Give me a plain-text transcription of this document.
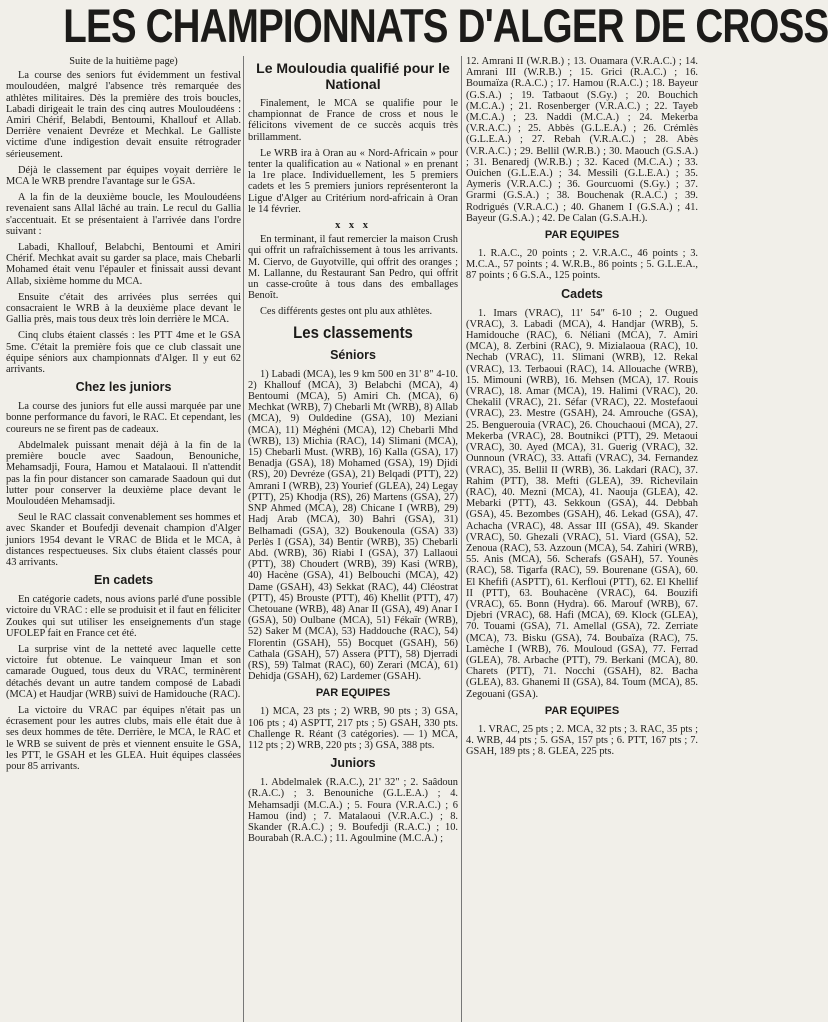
LES CHAMPIONNATS D'ALGER DE CROSS

Suite de la huitième page)

La course des seniors fut évidemment un festival mouloudéen, malgré l'absence très remarquée des athlètes militaires. Dès la première des trois boucles, Labadi dirigeait le train des cinq autres Mouloudéens : Amiri Chérif, Belabdi, Bentoumi, Khallouf et Allab. Derrière venaient Devréze et Mechkal. Le Galliste victime d'une indigestion devait ensuite rétrograder sérieusement.

Déjà le classement par équipes voyait derrière le MCA le WRB prendre l'avantage sur le GSA.

A la fin de la deuxième boucle, les Mouloudéens revenaient sans Allal lâché au train. Le recul du Gallia s'accentuait. Et se présentaient à l'arrivée dans l'ordre suivant :

Labadi, Khallouf, Belabchi, Bentoumi et Amiri Chérif. Mechkat avait su garder sa place, mais Chebarli Mohamed était venu l'épauler et finissait aussi devant Allab, sixième homme du MCA.

Ensuite c'était des arrivées plus serrées qui consacraient le WRB à la deuxième place devant le Gallia près, mais tous deux très loin derrière le MCA.

Cinq clubs étaient classés : les PTT 4me et le GSA 5me. C'était la première fois que ce club classait une équipe séniors aux championnats d'Alger. Il y eut 62 arrivants.

Chez les juniors

La course des juniors fut elle aussi marquée par une bonne performance du favori, le RAC. Et cependant, les coureurs ne se firent pas de cadeaux.

Abdelmalek puissant menait déjà à la fin de la première boucle avec Saadoun, Benouniche, Mehamsadji, Foura, Hamou et Matalaoui. Il n'attendit pas la fin pour distancer son camarade Saadoun qui dut lutter pour conserver la deuxième place devant le Mouloudéen Mehamsadji.

Seul le RAC classait convenablement ses hommes et avec Skander et Boufedji devenait champion d'Alger juniors 1954 devant le VRAC de Blida et le MCA, à distances respectueuses. Six clubs étaient classés pour 43 arrivants.

En cadets

En catégorie cadets, nous avions parlé d'une possible victoire du VRAC : elle se produisit et il faut en féliciter Zoukes qui sut utiliser les enseignements d'un stage UFOLEP fait en France cet été.

La surprise vint de la netteté avec laquelle cette victoire fut obtenue. Le vainqueur Iman et son camarade Ougued, tous deux du VRAC, terminèrent détachés devant un autre tandem composé de Labadi (MCA) et Haudjar (WRB) suivi de Hamidouche (RAC).

La victoire du VRAC par équipes n'était pas un écrasement pour les autres clubs, mais elle était due à ses deux hommes de tête. Derrière, le MCA, le RAC et le WRB se suivent de près et viennent ensuite le GSA, les PTT, le GSAH et les GLEA. Huit équipes classées pour 85 arrivants.

Le Mouloudia qualifié pour le National

Finalement, le MCA se qualifie pour le championnat de France de cross et nous le félicitons vivement de ce succès acquis très brillamment.

Le WRB ira à Oran au « Nord-Africain » pour tenter la qualification au « National » en prenant la 1re place. Individuellement, les 5 premiers cadets et les 5 premiers juniors représenteront la Ligue d'Alger au Critérium nord-africain à Oran le 14 février.

x x x

En terminant, il faut remercier la maison Crush qui offrit un rafraîchissement à tous les arrivants. M. Ciervo, de Guyotville, qui offrit des oranges ; M. Lallanne, du Restaurant San Pedro, qui offrit un casse-croûte à tous dans des emballages Benoît.

Ces différents gestes ont plu aux athlètes.

Les classements
Séniors

1) Labadi (MCA), les 9 km 500 en 31' 8" 4-10. 2) Khallouf (MCA), 3) Belabchi (MCA), 4) Bentoumi (MCA), 5) Amiri Ch. (MCA), 6) Mechkat (WRB), 7) Chebarli Mt (WRB), 8) Allab (MCA), 9) Ouldedine (GSA), 10) Meziani (MCA), 11) Méghéni (MCA), 12) Chebarli Mhd (WRB), 13) Michia (RAC), 14) Slimani (MCA), 15) Chebarli Must. (WRB), 16) Kalla (GSA), 17) Benadja (GSA), 18) Mohamed (GSA), 19) Djidi (RS), 20) Devréze (GSA), 21) Belqadi (PTT), 22) Amrani I (WRB), 23) Yourief (GLEA), 24) Legay (PTT), 25) Khodja (RS), 26) Martens (GSA), 27) SNP Ahmed (MCA), 28) Chicane I (WRB), 29) Hadj Arab (MCA), 30) Bahri (GSA), 31) Belhamadi (GSA), 32) Boukenoula (GSA) 33) Perlès I (GSA), 34) Bentir (WRB), 35) Chebarli Abd. (WRB), 36) Riabi I (GSA), 37) Lallaoui (PTT), 38) Choudert (WRB), 39) Kasi (WRB), 40) Hacène (GSA), 41) Belbouchi (MCA), 42) Dame (GSAH), 43) Sekkat (RAC), 44) Cléostrat (PTT), 45) Brouste (PTT), 46) Khellit (PTT), 47) Chetouane (WRB), 48) Anar II (GSA), 49) Anar I (GSA), 50) Oulbane (MCA), 51) Fékaïr (WRB), 52) Saker M (MCA), 53) Haddouche (RAC), 54) Florentin (GSAH), 55) Bocquet (GSAH), 56) Cathala (GSAH), 57) Assera (PTT), 58) Djerradi (RS), 59) Talmat (RAC), 60) Zerari (MCA), 61) Dehidja (GSAH), 62) Lardemer (GSAH).

PAR EQUIPES

1) MCA, 23 pts ; 2) WRB, 90 pts ; 3) GSA, 106 pts ; 4) ASPTT, 217 pts ; 5) GSAH, 330 pts. Challenge R. Réant (3 catégories). — 1) MCA, 112 pts ; 2) WRB, 220 pts ; 3) GSA, 388 pts.

Juniors

1. Abdelmalek (R.A.C.), 21' 32" ; 2. Saâdoun (R.A.C.) ; 3. Benouniche (G.L.E.A.) ; 4. Mehamsadji (M.C.A.) ; 5. Foura (V.R.A.C.) ; 6 Hamou (ind) ; 7. Matalaoui (V.R.A.C.) ; 8. Skander (R.A.C.) ; 9. Boufedji (R.A.C.) ; 10. Bourabah (R.A.C.) ; 11. Agoulmine (M.C.A.) ;

12. Amrani II (W.R.B.) ; 13. Ouamara (V.R.A.C.) ; 14. Amrani III (W.R.B.) ; 15. Grici (R.A.C.) ; 16. Boumaïza (R.A.C.) ; 17. Hamou (R.A.C.) ; 18. Bayeur (G.S.A.) ; 19. Tatbaout (S.Gy.) ; 20. Bouchich (M.C.A.) ; 21. Rosenberger (V.R.A.C.) ; 22. Tayeb (M.C.A.) ; 23. Naddi (M.C.A.) ; 24. Mekerba (V.R.A.C.) ; 25. Abbès (G.L.E.A.) ; 26. Crémlès (G.L.E.A.) ; 27. Rebah (V.R.A.C.) ; 28. Abès (V.R.A.C.) ; 29. Bellil (W.R.B.) ; 30. Maouch (G.S.A.) ; 31. Benaredj (W.R.B.) ; 32. Kaced (M.C.A.) ; 33. Ouichen (G.L.E.A.) ; 34. Messili (G.L.E.A.) ; 35. Aymeris (V.R.A.C.) ; 36. Gourcuomi (S.Gy.) ; 37. Grarmi (G.S.A.) ; 38. Bouchenak (R.A.C.) ; 39. Rodrigués (V.R.A.C.) ; 40. Ghanem I (G.S.A.) ; 41. Bayeur (G.S.A.) ; 42. De Calan (G.S.A.H.).

PAR EQUIPES

1. R.A.C., 20 points ; 2. V.R.A.C., 46 points ; 3. M.C.A., 57 points ; 4. W.R.B., 86 points ; 5. G.L.E.A., 87 points ; 6 G.S.A., 125 points.

Cadets

1. Imars (VRAC), 11' 54" 6-10 ; 2. Ougued (VRAC), 3. Labadi (MCA), 4. Handjar (WRB), 5. Hamidouche (RAC), 6. Néliani (MCA), 7. Amiri (MCA), 8. Zerbini (RAC), 9. Mizialaoua (RAC), 10. Nechab (VRAC), 11. Slimani (WRB), 12. Rekal (VRAC), 13. Terbaoui (RAC), 14. Allouache (WRB), 15. Mimouni (WRB), 16. Mehsen (MCA), 17. Rouis (VRAC), 18. Amar (MCA), 19. Halimi (VRAC), 20. Chekalil (VRAC), 21. Séfar (VRAC), 22. Mostefaoui (VRAC), 23. Mestre (GSAH), 24. Amrouche (GSA), 25. Benguerouia (VRAC), 26. Chouchaoui (MCA), 27. Mekerba (VRAC), 28. Boutnikci (PTT), 29. Metaoui (VRAC), 30. Ayed (MCA), 31. Guerig (VRAC), 32. Ounnoun (VRAC), 33. Attafi (VRAC), 34. Fernandez (VRAC), 35. Bellil II (WRB), 36. Lakdari (RAC), 37. Rahim (PTT), 38. Mefti (GLEA), 39. Richevilain (RAC), 40. Mezni (MCA), 41. Naouja (GLEA), 42. Mebarki (PTT), 43. Sekkoun (GSA), 44. Debbah (GSA), 45. Bezombes (GSAH), 46. Lekad (GSA), 47. Achacha (VRAC), 48. Assar III (GSA), 49. Skander (VRAC), 50. Ghezali (VRAC), 51. Viard (GSA), 52. Zenoua (RAC), 53. Azzoun (MCA), 54. Zahiri (WRB), 55. Anis (MCA), 56. Scherafs (GSAH), 57. Younès (RAC), 58. Tigarfa (RAC), 59. Bourenane (GSA), 60. El Khefifi (ASPTT), 61. Kerfloui (PTT), 62. El Khellif II (PTT), 63. Bouhacène (VRAC), 64. Bouzifi (VRAC), 65. Bonn (Hydra). 66. Marouf (WRB), 67. Djebri (VRAC), 68. Hafi (MCA), 69. Klock (GLEA), 70. Touami (GSA), 71. Amellal (GSA), 72. Zerriate (MCA), 73. Bisku (GSA), 74. Boubaïza (RAC), 75. Lamèche I (WRB), 76. Mouloud (GSA), 77. Ferrad (GLEA), 78. Arbache (PTT), 79. Berkani (MCA), 80. Charets (PTT), 71. Nocchi (GSAH), 82. Bacha (GLEA), 83. Ghanemi II (GSA), 84. Toum (MCA), 85. Zegouani (GSA).

PAR EQUIPES

1. VRAC, 25 pts ; 2. MCA, 32 pts ; 3. RAC, 35 pts ; 4. WRB, 44 pts ; 5. GSA, 157 pts ; 6. PTT, 167 pts ; 7. GSAH, 189 pts ; 8. GLEA, 225 pts.
